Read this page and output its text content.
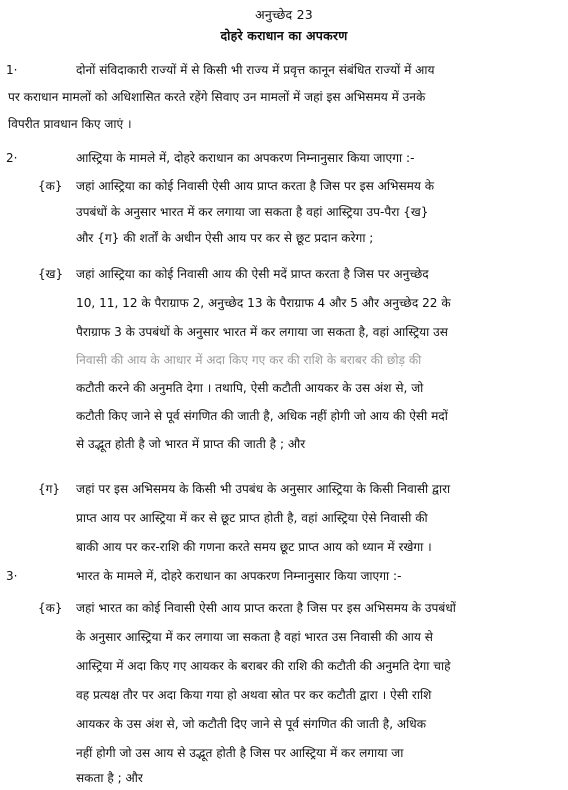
अनुच्छेद 23
दोहरे कराधान का अपकरण
1·	दोनों संविदाकारी राज्यों में से किसी भी राज्य में प्रवृत्त कानून संबंधित राज्यों में आय
पर कराधान मामलों को अधिशासित करते रहेंगे सिवाए उन मामलों में जहां इस अभिसमय में उनके
विपरीत प्रावधान किए जाएं ।
2·	आस्ट्रिया के मामले में, दोहरे कराधान का अपकरण निम्नानुसार किया जाएगा :-
{क} जहां आस्ट्रिया का कोई निवासी ऐसी आय प्राप्त करता है जिस पर इस अभिसमय के
उपबंधों के अनुसार भारत में कर लगाया जा सकता है वहां आस्ट्रिया उप-पैरा {ख}
और {ग} की शर्तों के अधीन ऐसी आय पर कर से छूट प्रदान करेगा ;
{ख} जहां आस्ट्रिया का कोई निवासी आय की ऐसी मदें प्राप्त करता है जिस पर अनुच्छेद
10, 11, 12 के पैराग्राफ 2, अनुच्छेद 13 के पैराग्राफ 4 और 5 और अनुच्छेद 22 के
पैराग्राफ 3 के उपबंधों के अनुसार भारत में कर लगाया जा सकता है, वहां आस्ट्रिया उस
निवासी की आय के आधार में अदा किए गए कर की राशि के बराबर की छोड़ की
कटौती करने की अनुमति देगा । तथापि, ऐसी कटौती आयकर के उस अंश से, जो
कटौती किए जाने से पूर्व संगणित की जाती है, अधिक नहीं होगी जो आय की ऐसी मदों
से उद्भूत होती है जो भारत में प्राप्त की जाती है ; और
{ग} जहां पर इस अभिसमय के किसी भी उपबंध के अनुसार आस्ट्रिया के किसी निवासी द्वारा
प्राप्त आय पर आस्ट्रिया में कर से छूट प्राप्त होती है, वहां आस्ट्रिया ऐसे निवासी की
बाकी आय पर कर-राशि की गणना करते समय छूट प्राप्त आय को ध्यान में रखेगा ।
3·	भारत के मामले में, दोहरे कराधान का अपकरण निम्नानुसार किया जाएगा :-
{क} जहां भारत का कोई निवासी ऐसी आय प्राप्त करता है जिस पर इस अभिसमय के उपबंधों
के अनुसार आस्ट्रिया में कर लगाया जा सकता है वहां भारत उस निवासी की आय से
आस्ट्रिया में अदा किए गए आयकर के बराबर की राशि की कटौती की अनुमति देगा चाहे
वह प्रत्यक्ष तौर पर अदा किया गया हो अथवा स्रोत पर कर कटौती द्वारा । ऐसी राशि
आयकर के उस अंश से, जो कटौती दिए जाने से पूर्व संगणित की जाती है, अधिक
नहीं होगी जो उस आय से उद्भूत होती है जिस पर आस्ट्रिया में कर लगाया जा
सकता है ; और
